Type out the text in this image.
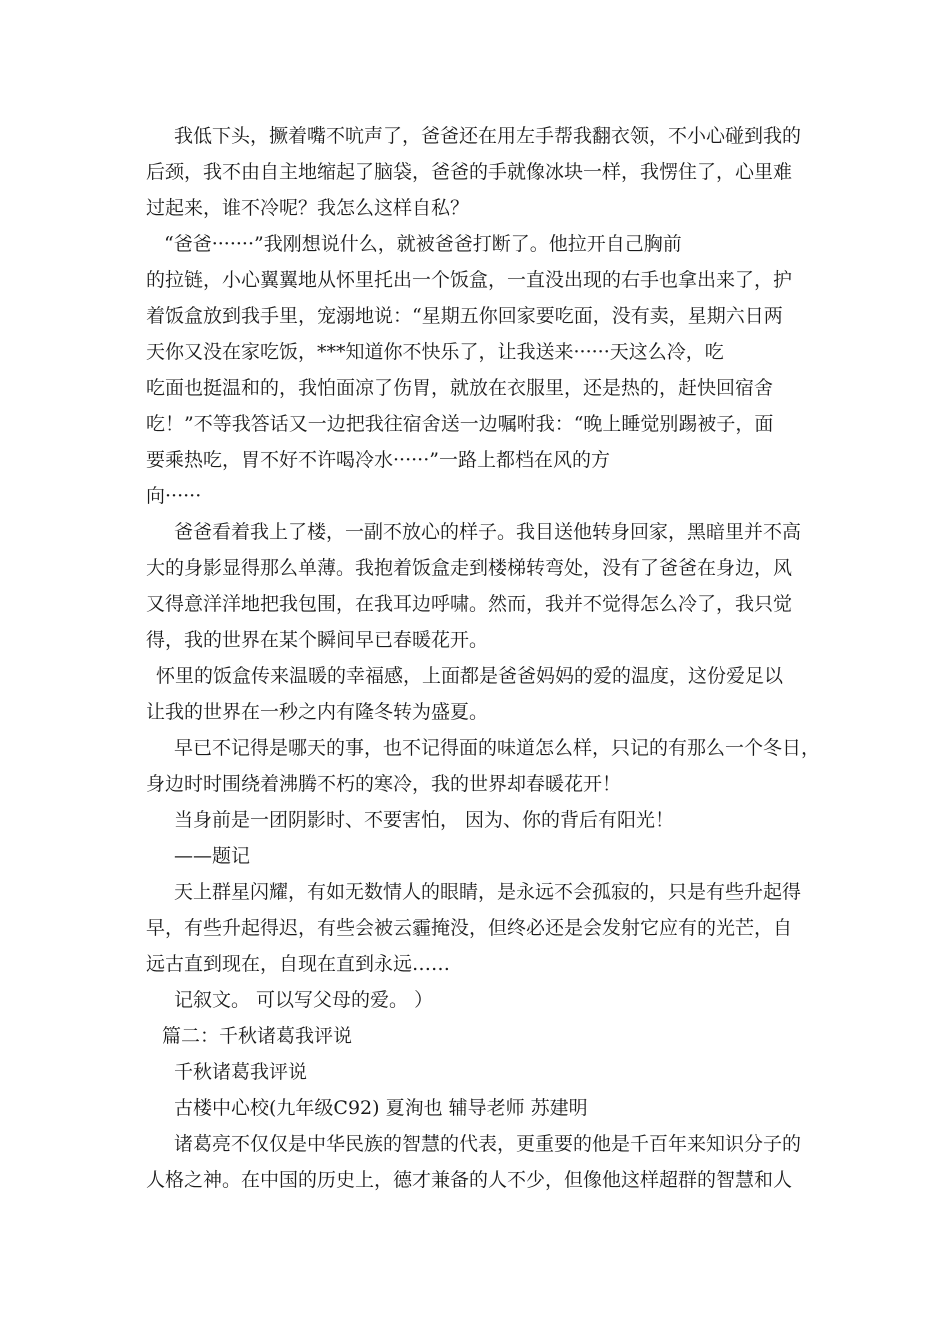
我低下头，撅着嘴不吭声了，爸爸还在用左手帮我翻衣领，不小心碰到我的
后颈，我不由自主地缩起了脑袋，爸爸的手就像冰块一样，我愣住了，心里难
过起来，谁不冷呢？我怎么这样自私？
“爸爸·······”我刚想说什么，就被爸爸打断了。他拉开自己胸前
的拉链，小心翼翼地从怀里托出一个饭盒，一直没出现的右手也拿出来了，护
着饭盒放到我手里，宠溺地说：“星期五你回家要吃面，没有卖，星期六日两
天你又没在家吃饭，***知道你不快乐了，让我送来······天这么冷，吃
吃面也挺温和的，我怕面凉了伤胃，就放在衣服里，还是热的，赶快回宿舍
吃！”不等我答话又一边把我往宿舍送一边嘱咐我：“晚上睡觉别踢被子，面
要乘热吃，胃不好不许喝冷水······”一路上都档在风的方
向······
爸爸看着我上了楼，一副不放心的样子。我目送他转身回家，黑暗里并不高
大的身影显得那么单薄。我抱着饭盒走到楼梯转弯处，没有了爸爸在身边，风
又得意洋洋地把我包围，在我耳边呼啸。然而，我并不觉得怎么冷了，我只觉
得，我的世界在某个瞬间早已春暖花开。
怀里的饭盒传来温暖的幸福感，上面都是爸爸妈妈的爱的温度，这份爱足以
让我的世界在一秒之内有隆冬转为盛夏。
早已不记得是哪天的事，也不记得面的味道怎么样，只记的有那么一个冬日，
身边时时围绕着沸腾不朽的寒冷，我的世界却春暖花开！
当身前是一团阴影时、不要害怕， 因为、你的背后有阳光！
——题记
天上群星闪耀，有如无数情人的眼睛，是永远不会孤寂的，只是有些升起得
早，有些升起得迟，有些会被云霾掩没，但终必还是会发射它应有的光芒，自
远古直到现在，自现在直到永远……
记叙文。 可以写父母的爱。 ）
篇二：千秋诸葛我评说
千秋诸葛我评说
古楼中心校(九年级C92) 夏洵也 辅导老师 苏建明
诸葛亮不仅仅是中华民族的智慧的代表，更重要的他是千百年来知识分子的
人格之神。在中国的历史上，德才兼备的人不少，但像他这样超群的智慧和人
